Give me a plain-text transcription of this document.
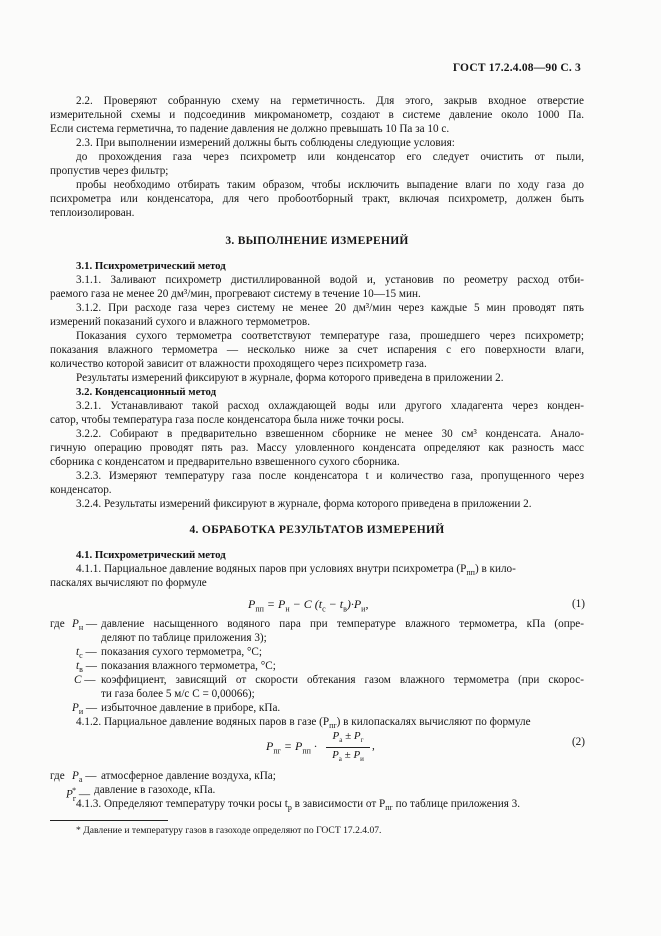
ГОСТ 17.2.4.08—90 С. 3
2.2. Проверяют собранную схему на герметичность. Для этого, закрыв входное отверстие
измерительной схемы и подсоединив микроманометр, создают в системе давление около 1000 Па.
Если система герметична, то падение давления не должно превышать 10 Па за 10 с.
2.3. При выполнении измерений должны быть соблюдены следующие условия:
до прохождения газа через психрометр или конденсатор его следует очистить от пыли,
пропустив через фильтр;
пробы необходимо отбирать таким образом, чтобы исключить выпадение влаги по ходу газа до
психрометра или конденсатора, для чего пробоотборный тракт, включая психрометр, должен быть
теплоизолирован.
3. ВЫПОЛНЕНИЕ ИЗМЕРЕНИЙ
3.1. Психрометрический метод
3.1.1. Заливают психрометр дистиллированной водой и, установив по реометру расход отби-
раемого газа не менее 20 дм³/мин, прогревают систему в течение 10—15 мин.
3.1.2. При расходе газа через систему не менее 20 дм³/мин через каждые 5 мин проводят пять
измерений показаний сухого и влажного термометров.
Показания сухого термометра соответствуют температуре газа, прошедшего через психрометр;
показания влажного термометра — несколько ниже за счет испарения с его поверхности влаги,
количество которой зависит от влажности проходящего через психрометр газа.
Результаты измерений фиксируют в журнале, форма которого приведена в приложении 2.
3.2. Конденсационный метод
3.2.1. Устанавливают такой расход охлаждающей воды или другого хладагента через конден-
сатор, чтобы температура газа после конденсатора была ниже точки росы.
3.2.2. Собирают в предварительно взвешенном сборнике не менее 30 см³ конденсата. Анало-
гичную операцию проводят пять раз. Массу уловленного конденсата определяют как разность масс
сборника с конденсатом и предварительно взвешенного сухого сборника.
3.2.3. Измеряют температуру газа после конденсатора t и количество газа, пропущенного через
конденсатор.
3.2.4. Результаты измерений фиксируют в журнале, форма которого приведена в приложении 2.
4. ОБРАБОТКА РЕЗУЛЬТАТОВ ИЗМЕРЕНИЙ
4.1. Психрометрический метод
4.1.1. Парциальное давление водяных паров при условиях внутри психрометра $(P_{пп})$ в кило-
паскалях вычисляют по формуле
$P_{пп} = P_н - C$ $(t_с - t_в)\cdot P_и$,	(1)
где $P_н$ — давление насыщенного водяного пара при температуре влажного термометра, кПа (опре-
деляют по таблице приложения 3);
$t_с$ — показания сухого термометра, °С;
$t_в$ — показания влажного термометра, °С;
C — коэффициент, зависящий от скорости обтекания газом влажного термометра (при скорос-
ти газа более 5 м/с C = 0,00066);
$P_и$ — избыточное давление в приборе, кПа.
4.1.2. Парциальное давление водяных паров в газе $(P_{пг})$ в килопаскалях вычисляют по формуле
$P_{пг} = P_{пп}$ ·
$P_а \pm P_г$
$P_а \pm P_и$
,	(2)
где $P_а$ — атмосферное давление воздуха, кПа;
$P_г^*$ — давление в газоходе, кПа.
4.1.3. Определяют температуру точки росы $t_р$ в зависимости от $P_{пг}$ по таблице приложения 3.
* Давление и температуру газов в газоходе определяют по ГОСТ 17.2.4.07.
